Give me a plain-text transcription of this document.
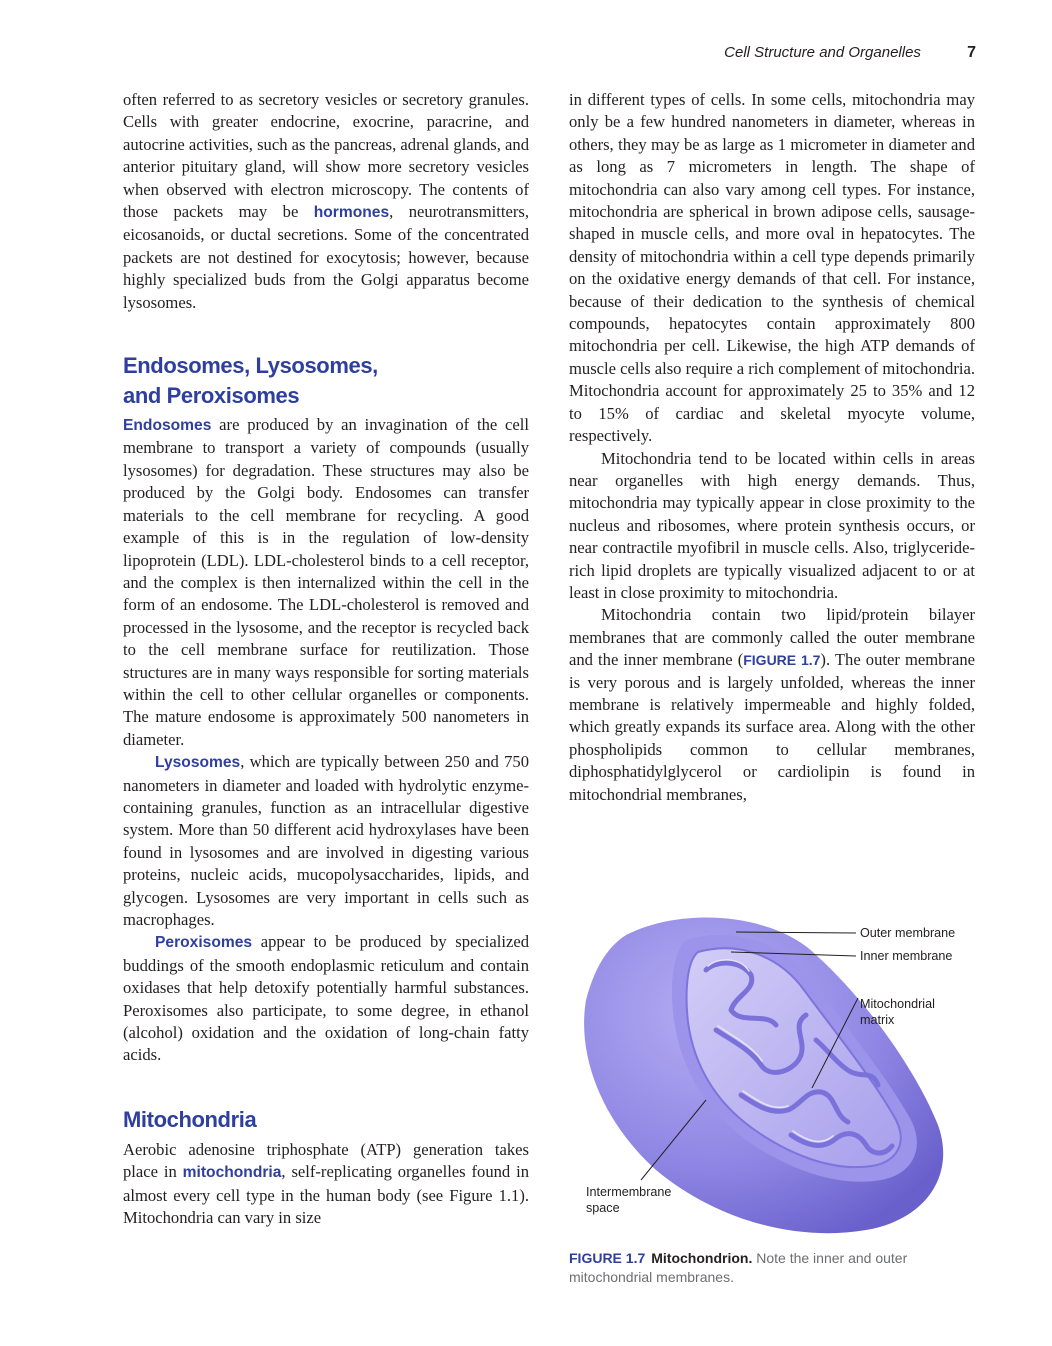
Cell Structure and Organelles	7

often referred to as secretory vesicles or secretory granules. Cells with greater endocrine, exocrine, paracrine, and autocrine activities, such as the pancreas, adrenal glands, and anterior pituitary gland, will show more secretory vesicles when observed with electron microscopy. The contents of those packets may be hormones, neurotransmitters, eicosanoids, or ductal secretions. Some of the concentrated packets are not destined for exocytosis; however, because highly specialized buds from the Golgi apparatus become lysosomes.

Endosomes, Lysosomes,
and Peroxisomes

Endosomes are produced by an invagination of the cell membrane to transport a variety of compounds (usually lysosomes) for degradation. These structures may also be produced by the Golgi body. Endosomes can transfer materials to the cell membrane for recycling. A good example of this is in the regulation of low-density lipoprotein (LDL). LDL-cholesterol binds to a cell receptor, and the complex is then internalized within the cell in the form of an endosome. The LDL-cholesterol is removed and processed in the lysosome, and the receptor is recycled back to the cell membrane surface for reutilization. Those structures are in many ways responsible for sorting materials within the cell to other cellular organelles or components. The mature endosome is approximately 500 nanometers in diameter.

Lysosomes, which are typically between 250 and 750 nanometers in diameter and loaded with hydrolytic enzyme-containing granules, function as an intracellular digestive system. More than 50 different acid hydroxylases have been found in lysosomes and are involved in digesting various proteins, nucleic acids, mucopolysaccharides, lipids, and glycogen. Lysosomes are very important in cells such as macrophages.

Peroxisomes appear to be produced by specialized buddings of the smooth endoplasmic reticulum and contain oxidases that help detoxify potentially harmful substances. Peroxisomes also participate, to some degree, in ethanol (alcohol) oxidation and the oxidation of long-chain fatty acids.

Mitochondria

Aerobic adenosine triphosphate (ATP) generation takes place in mitochondria, self-replicating organelles found in almost every cell type in the human body (see Figure 1.1). Mitochondria can vary in size

in different types of cells. In some cells, mitochondria may only be a few hundred nanometers in diameter, whereas in others, they may be as large as 1 micrometer in diameter and as long as 7 micrometers in length. The shape of mitochondria can also vary among cell types. For instance, mitochondria are spherical in brown adipose cells, sausage-shaped in muscle cells, and more oval in hepatocytes. The density of mitochondria within a cell type depends primarily on the oxidative energy demands of that cell. For instance, because of their dedication to the synthesis of chemical compounds, hepatocytes contain approximately 800 mitochondria per cell. Likewise, the high ATP demands of muscle cells also require a rich complement of mitochondria. Mitochondria account for approximately 25 to 35% and 12 to 15% of cardiac and skeletal myocyte volume, respectively.

Mitochondria tend to be located within cells in areas near organelles with high energy demands. Thus, mitochondria may typically appear in close proximity to the nucleus and ribosomes, where protein synthesis occurs, or near contractile myofibril in muscle cells. Also, triglyceride-rich lipid droplets are typically visualized adjacent to or at least in close proximity to mitochondria.

Mitochondria contain two lipid/protein bilayer membranes that are commonly called the outer membrane and the inner membrane (FIGURE 1.7). The outer membrane is very porous and is largely unfolded, whereas the inner membrane is relatively impermeable and highly folded, which greatly expands its surface area. Along with the other phospholipids common to cellular membranes, diphosphatidylglycerol or cardiolipin is found in mitochondrial membranes,

Outer membrane
Inner membrane
Mitochondrial
matrix
Intermembrane
space
FIGURE 1.7 Mitochondrion. Note the inner and outer mitochondrial membranes.
